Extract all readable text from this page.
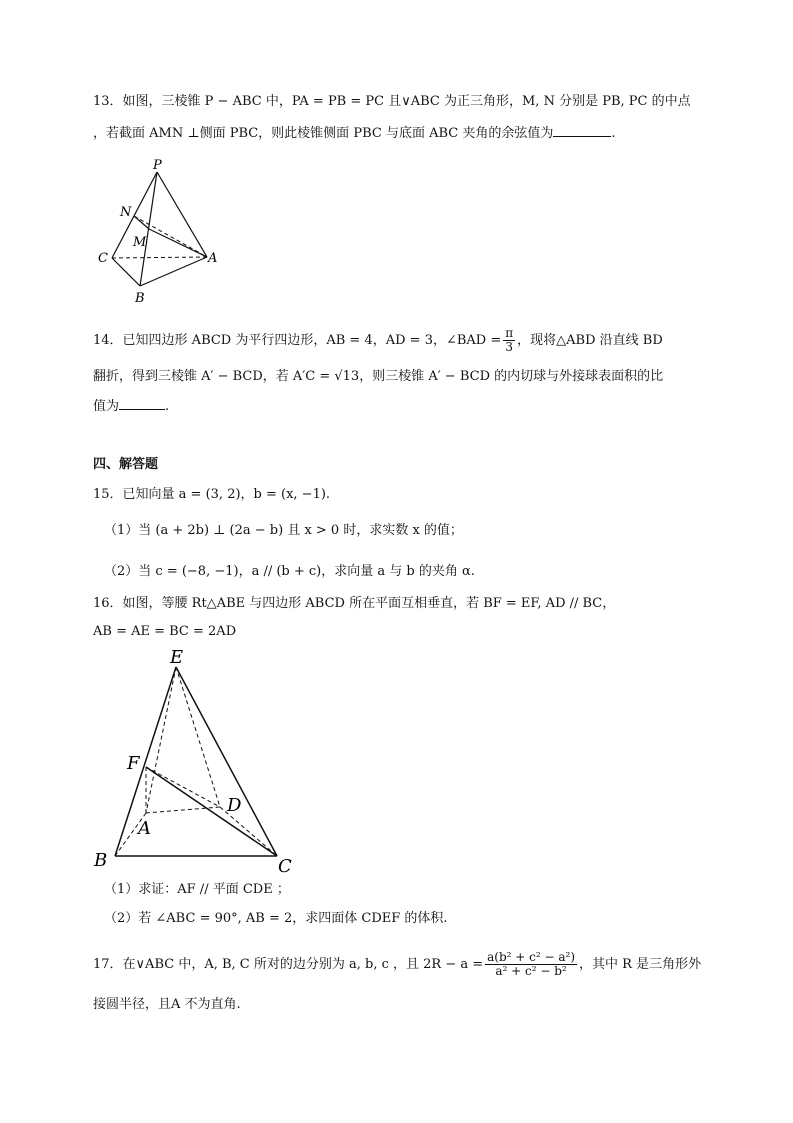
13．如图，三棱锥 P − ABC 中，PA = PB = PC 且∨ABC 为正三角形，M, N 分别是 PB, PC 的中点
，若截面 AMN ⊥侧面 PBC，则此棱锥侧面 PBC 与底面 ABC 夹角的余弦值为	.
P
N
M
C	A
B
14．已知四边形 ABCD 为平行四边形，AB = 4，AD = 3，∠BAD = $\frac{\pi}{3}$ ，现将△ABD 沿直线 BD
翻折，得到三棱锥 A′ − BCD，若 A′C = √13，则三棱锥 A′ − BCD 的内切球与外接球表面积的比
值为	.
四、解答题
15．已知向量 a = (3, 2)，b = (x, −1).
（1）当 (a + 2b) ⊥ (2a − b) 且 x > 0 时，求实数 x 的值；
（2）当 c = (−8, −1)，a // (b + c)，求向量 a 与 b 的夹角 α.
16．如图，等腰 Rt△ABE 与四边形 ABCD 所在平面互相垂直，若 BF = EF, AD // BC，
AB = AE = BC = 2AD
E
F
D
A
B	C
（1）求证：AF // 平面 CDE ；
（2）若 ∠ABC = 90°, AB = 2，求四面体 CDEF 的体积.
17．在∨ABC 中，A, B, C 所对的边分别为 a, b, c ，且 $2R - a = \frac{\text{a(b² + c² − a²)}}{\text{a² + c² − b²}}$ ，其中 R 是三角形外
接圆半径，且A 不为直角.
